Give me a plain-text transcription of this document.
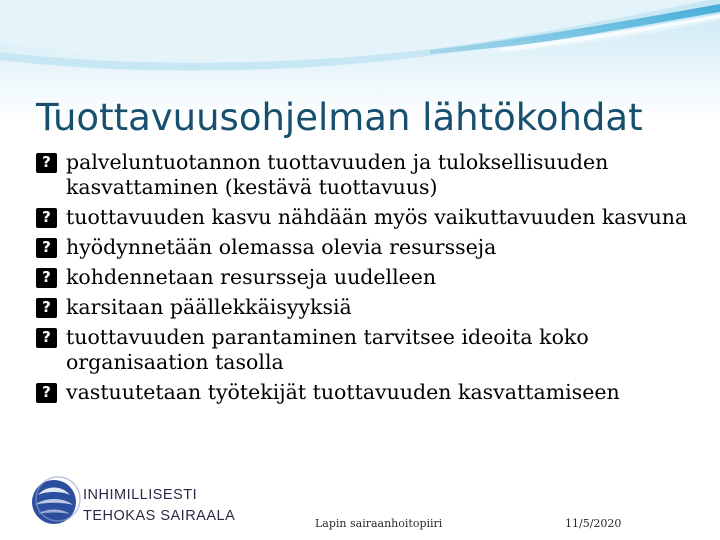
Tuottavuusohjelman lähtökohdat
?
palveluntuotannon tuottavuuden ja tuloksellisuuden kasvattaminen (kestävä tuottavuus)
?
tuottavuuden kasvu nähdään myös vaikuttavuuden kasvuna
?
hyödynnetään olemassa olevia resursseja
?
kohdennetaan resursseja uudelleen
?
karsitaan päällekkäisyyksiä
?
tuottavuuden parantaminen tarvitsee ideoita koko organisaation tasolla
?
vastuutetaan työtekijät tuottavuuden kasvattamiseen
INHIMILLISESTI
TEHOKAS SAIRAALA	Lapin sairaanhoitopiiri	11/5/2020
